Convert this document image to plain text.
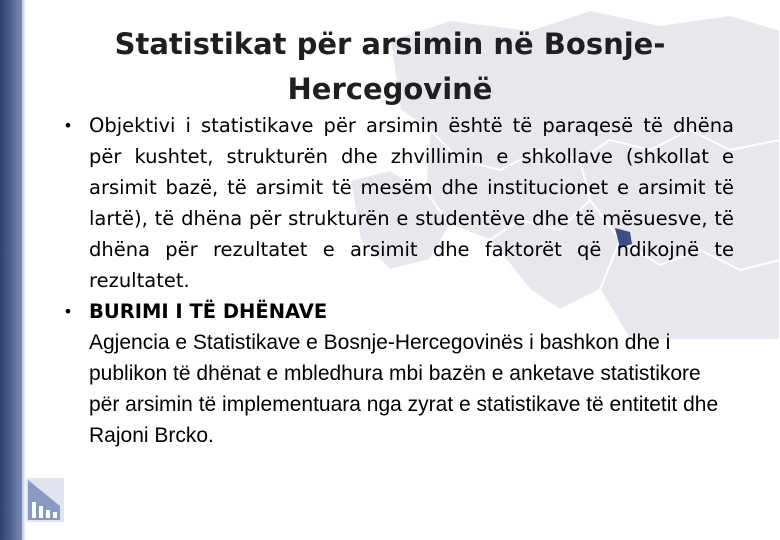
Statistikat për arsimin në Bosnje-
Hercegovinë
• Objektivi i statistikave për arsimin është të paraqesë të dhëna për kushtet, strukturën dhe zhvillimin e shkollave (shkollat e arsimit bazë, të arsimit të mesëm dhe institucionet e arsimit të lartë), të dhëna për strukturën e studentëve dhe të mësuesve, të dhëna për rezultatet e arsimit dhe faktorët që ndikojnë te rezultatet.

• BURIMI I TË DHËNAVE

Agjencia e Statistikave e Bosnje-Hercegovinës i bashkon dhe i publikon të dhënat e mbledhura mbi bazën e anketave statistikore për arsimin të implementuara nga zyrat e statistikave të entitetit dhe Rajoni Brcko.
